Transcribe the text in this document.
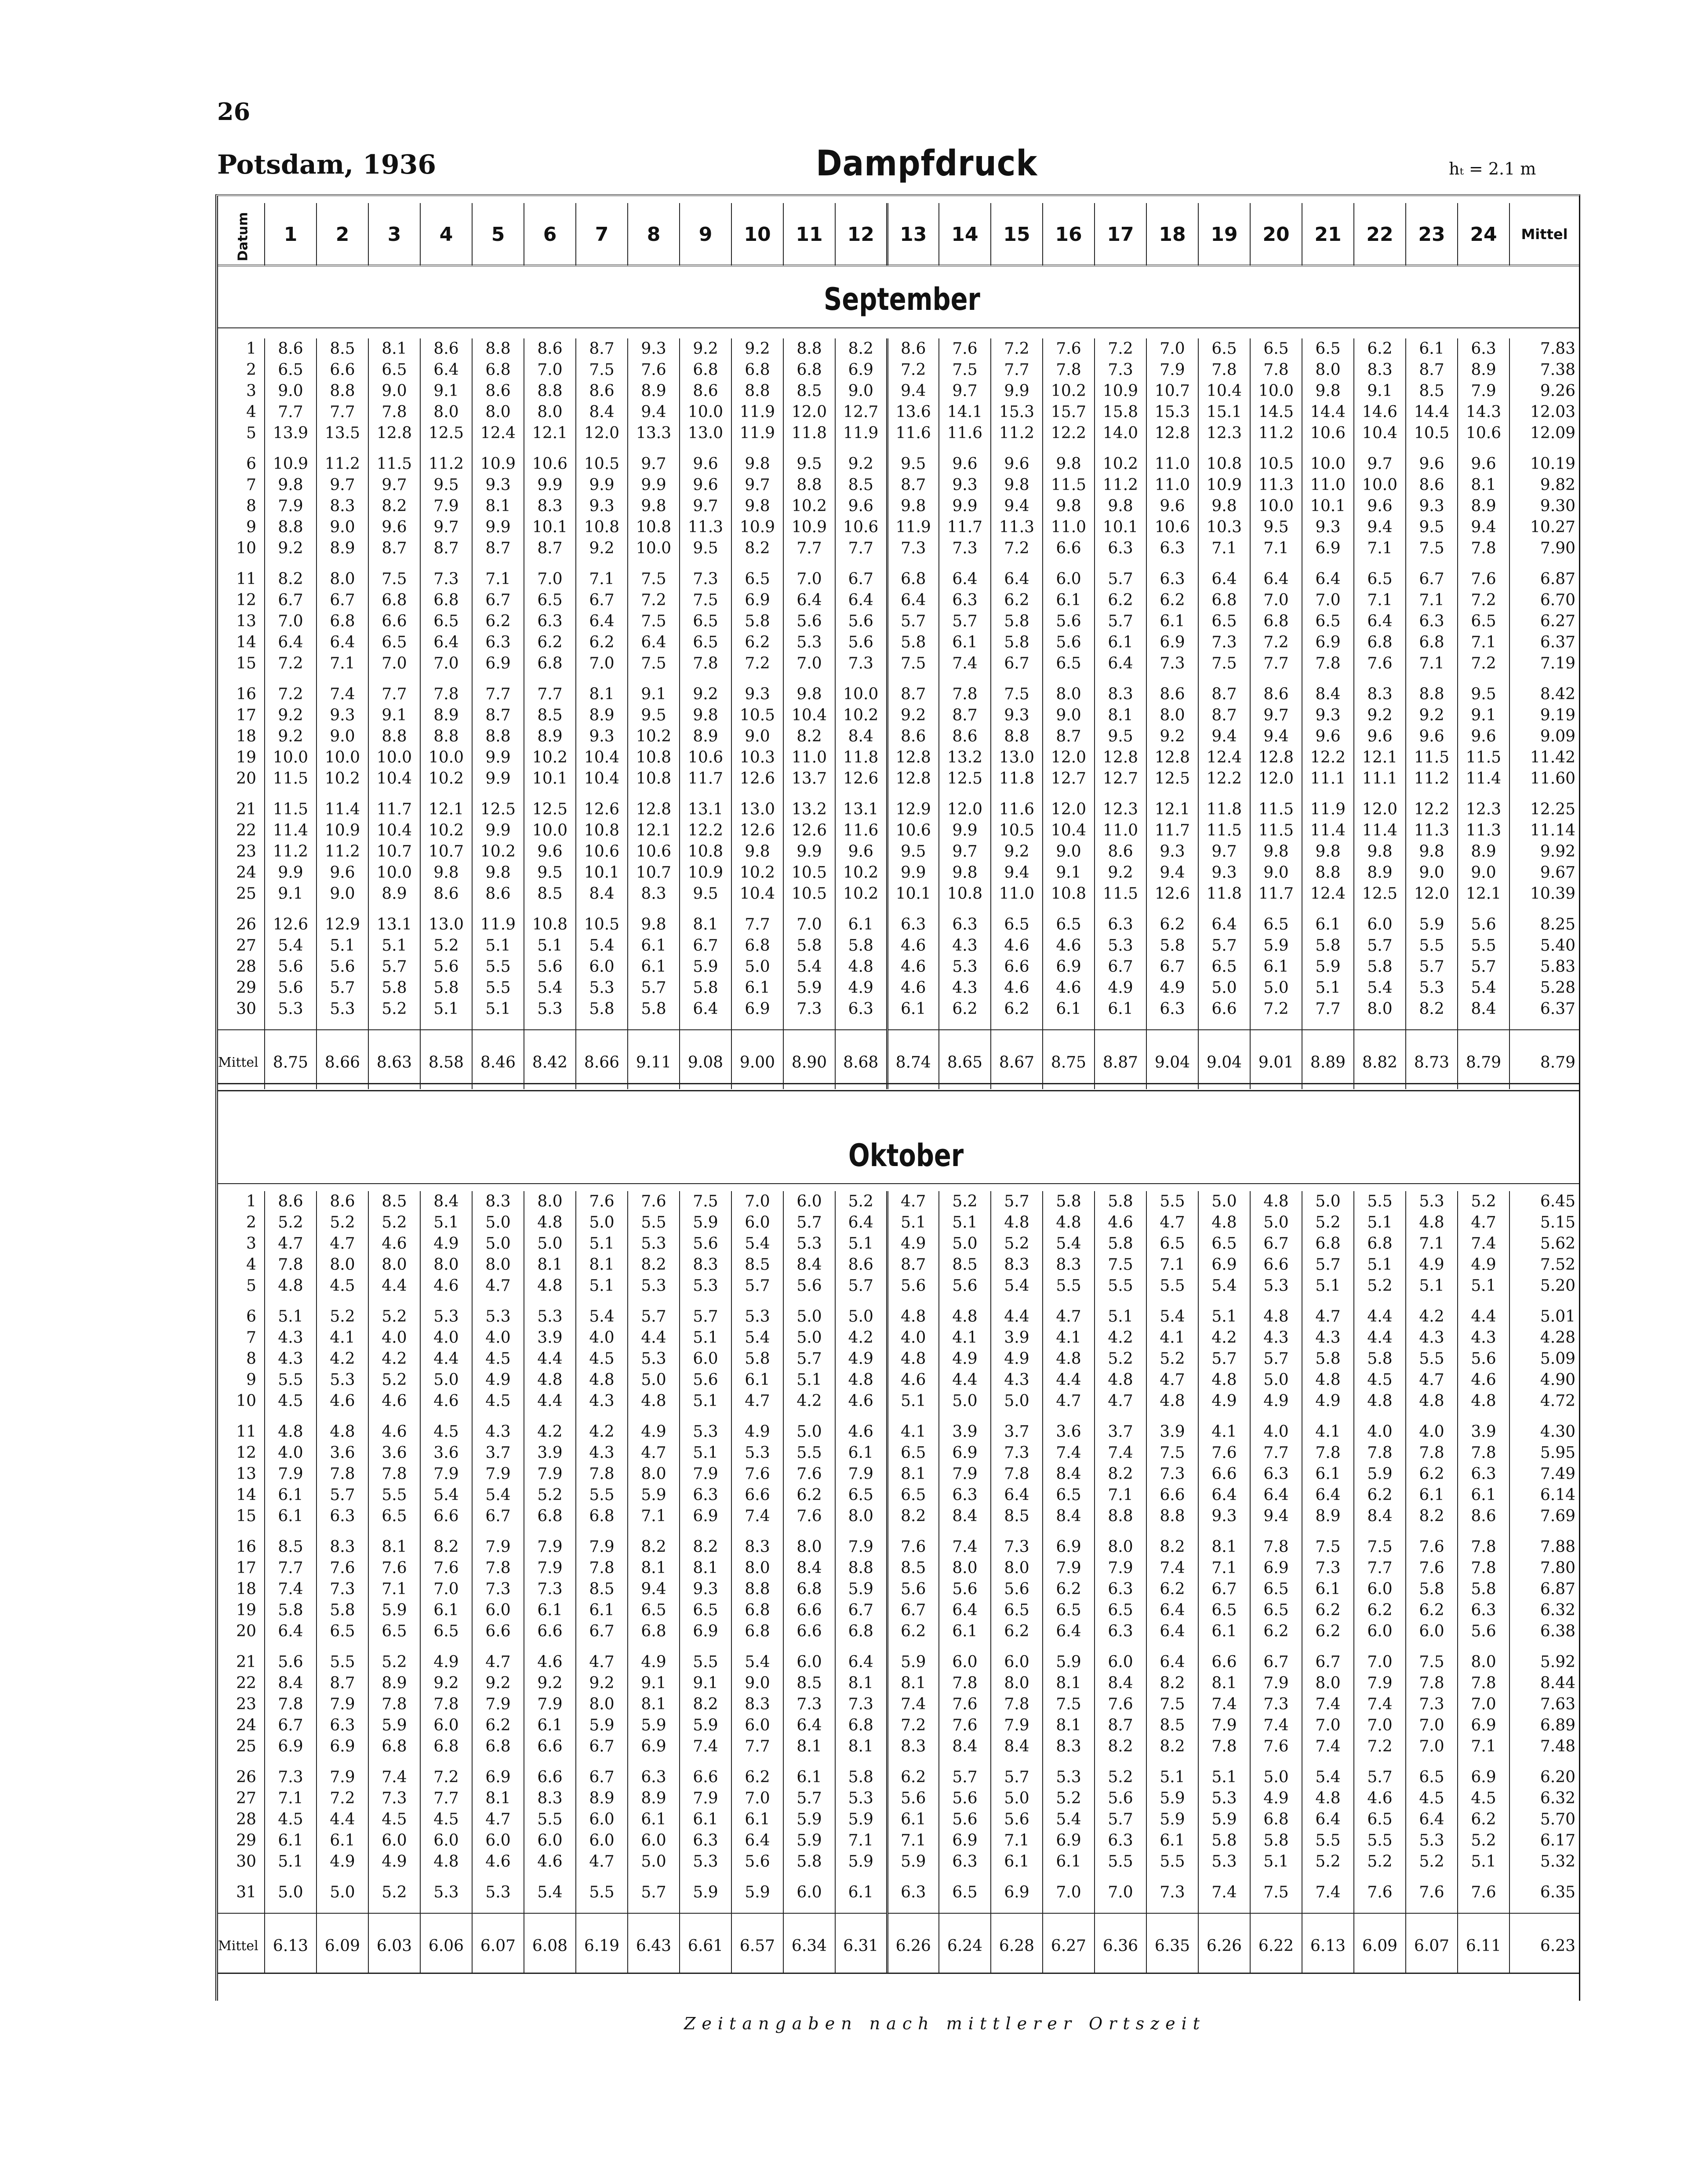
26
Potsdam, 1936	Dampfdruck	hₜ = 2.1 m
Datum	1	2	3	4	5	6	7	8	9	10	11	12	13	14	15	16	17	18	19	20	21	22	23	24	Mittel
September
1	8.6	8.5	8.1	8.6	8.8	8.6	8.7	9.3	9.2	9.2	8.8	8.2	8.6	7.6	7.2	7.6	7.2	7.0	6.5	6.5	6.5	6.2	6.1	6.3	7.83
2	6.5	6.6	6.5	6.4	6.8	7.0	7.5	7.6	6.8	6.8	6.8	6.9	7.2	7.5	7.7	7.8	7.3	7.9	7.8	7.8	8.0	8.3	8.7	8.9	7.38
3	9.0	8.8	9.0	9.1	8.6	8.8	8.6	8.9	8.6	8.8	8.5	9.0	9.4	9.7	9.9	10.2	10.9	10.7	10.4	10.0	9.8	9.1	8.5	7.9	9.26
4	7.7	7.7	7.8	8.0	8.0	8.0	8.4	9.4	10.0	11.9	12.0	12.7	13.6	14.1	15.3	15.7	15.8	15.3	15.1	14.5	14.4	14.6	14.4	14.3	12.03
5	13.9	13.5	12.8	12.5	12.4	12.1	12.0	13.3	13.0	11.9	11.8	11.9	11.6	11.6	11.2	12.2	14.0	12.8	12.3	11.2	10.6	10.4	10.5	10.6	12.09

6	10.9	11.2	11.5	11.2	10.9	10.6	10.5	9.7	9.6	9.8	9.5	9.2	9.5	9.6	9.6	9.8	10.2	11.0	10.8	10.5	10.0	9.7	9.6	9.6	10.19
7	9.8	9.7	9.7	9.5	9.3	9.9	9.9	9.9	9.6	9.7	8.8	8.5	8.7	9.3	9.8	11.5	11.2	11.0	10.9	11.3	11.0	10.0	8.6	8.1	9.82
8	7.9	8.3	8.2	7.9	8.1	8.3	9.3	9.8	9.7	9.8	10.2	9.6	9.8	9.9	9.4	9.8	9.8	9.6	9.8	10.0	10.1	9.6	9.3	8.9	9.30
9	8.8	9.0	9.6	9.7	9.9	10.1	10.8	10.8	11.3	10.9	10.9	10.6	11.9	11.7	11.3	11.0	10.1	10.6	10.3	9.5	9.3	9.4	9.5	9.4	10.27
10	9.2	8.9	8.7	8.7	8.7	8.7	9.2	10.0	9.5	8.2	7.7	7.7	7.3	7.3	7.2	6.6	6.3	6.3	7.1	7.1	6.9	7.1	7.5	7.8	7.90

11	8.2	8.0	7.5	7.3	7.1	7.0	7.1	7.5	7.3	6.5	7.0	6.7	6.8	6.4	6.4	6.0	5.7	6.3	6.4	6.4	6.4	6.5	6.7	7.6	6.87
12	6.7	6.7	6.8	6.8	6.7	6.5	6.7	7.2	7.5	6.9	6.4	6.4	6.4	6.3	6.2	6.1	6.2	6.2	6.8	7.0	7.0	7.1	7.1	7.2	6.70
13	7.0	6.8	6.6	6.5	6.2	6.3	6.4	7.5	6.5	5.8	5.6	5.6	5.7	5.7	5.8	5.6	5.7	6.1	6.5	6.8	6.5	6.4	6.3	6.5	6.27
14	6.4	6.4	6.5	6.4	6.3	6.2	6.2	6.4	6.5	6.2	5.3	5.6	5.8	6.1	5.8	5.6	6.1	6.9	7.3	7.2	6.9	6.8	6.8	7.1	6.37
15	7.2	7.1	7.0	7.0	6.9	6.8	7.0	7.5	7.8	7.2	7.0	7.3	7.5	7.4	6.7	6.5	6.4	7.3	7.5	7.7	7.8	7.6	7.1	7.2	7.19

16	7.2	7.4	7.7	7.8	7.7	7.7	8.1	9.1	9.2	9.3	9.8	10.0	8.7	7.8	7.5	8.0	8.3	8.6	8.7	8.6	8.4	8.3	8.8	9.5	8.42
17	9.2	9.3	9.1	8.9	8.7	8.5	8.9	9.5	9.8	10.5	10.4	10.2	9.2	8.7	9.3	9.0	8.1	8.0	8.7	9.7	9.3	9.2	9.2	9.1	9.19
18	9.2	9.0	8.8	8.8	8.8	8.9	9.3	10.2	8.9	9.0	8.2	8.4	8.6	8.6	8.8	8.7	9.5	9.2	9.4	9.4	9.6	9.6	9.6	9.6	9.09
19	10.0	10.0	10.0	10.0	9.9	10.2	10.4	10.8	10.6	10.3	11.0	11.8	12.8	13.2	13.0	12.0	12.8	12.8	12.4	12.8	12.2	12.1	11.5	11.5	11.42
20	11.5	10.2	10.4	10.2	9.9	10.1	10.4	10.8	11.7	12.6	13.7	12.6	12.8	12.5	11.8	12.7	12.7	12.5	12.2	12.0	11.1	11.1	11.2	11.4	11.60

21	11.5	11.4	11.7	12.1	12.5	12.5	12.6	12.8	13.1	13.0	13.2	13.1	12.9	12.0	11.6	12.0	12.3	12.1	11.8	11.5	11.9	12.0	12.2	12.3	12.25
22	11.4	10.9	10.4	10.2	9.9	10.0	10.8	12.1	12.2	12.6	12.6	11.6	10.6	9.9	10.5	10.4	11.0	11.7	11.5	11.5	11.4	11.4	11.3	11.3	11.14
23	11.2	11.2	10.7	10.7	10.2	9.6	10.6	10.6	10.8	9.8	9.9	9.6	9.5	9.7	9.2	9.0	8.6	9.3	9.7	9.8	9.8	9.8	9.8	8.9	9.92
24	9.9	9.6	10.0	9.8	9.8	9.5	10.1	10.7	10.9	10.2	10.5	10.2	9.9	9.8	9.4	9.1	9.2	9.4	9.3	9.0	8.8	8.9	9.0	9.0	9.67
25	9.1	9.0	8.9	8.6	8.6	8.5	8.4	8.3	9.5	10.4	10.5	10.2	10.1	10.8	11.0	10.8	11.5	12.6	11.8	11.7	12.4	12.5	12.0	12.1	10.39

26	12.6	12.9	13.1	13.0	11.9	10.8	10.5	9.8	8.1	7.7	7.0	6.1	6.3	6.3	6.5	6.5	6.3	6.2	6.4	6.5	6.1	6.0	5.9	5.6	8.25
27	5.4	5.1	5.1	5.2	5.1	5.1	5.4	6.1	6.7	6.8	5.8	5.8	4.6	4.3	4.6	4.6	5.3	5.8	5.7	5.9	5.8	5.7	5.5	5.5	5.40
28	5.6	5.6	5.7	5.6	5.5	5.6	6.0	6.1	5.9	5.0	5.4	4.8	4.6	5.3	6.6	6.9	6.7	6.7	6.5	6.1	5.9	5.8	5.7	5.7	5.83
29	5.6	5.7	5.8	5.8	5.5	5.4	5.3	5.7	5.8	6.1	5.9	4.9	4.6	4.3	4.6	4.6	4.9	4.9	5.0	5.0	5.1	5.4	5.3	5.4	5.28
30	5.3	5.3	5.2	5.1	5.1	5.3	5.8	5.8	6.4	6.9	7.3	6.3	6.1	6.2	6.2	6.1	6.1	6.3	6.6	7.2	7.7	8.0	8.2	8.4	6.37

Mittel	8.75	8.66	8.63	8.58	8.46	8.42	8.66	9.11	9.08	9.00	8.90	8.68	8.74	8.65	8.67	8.75	8.87	9.04	9.04	9.01	8.89	8.82	8.73	8.79	8.79
Oktober
1	8.6	8.6	8.5	8.4	8.3	8.0	7.6	7.6	7.5	7.0	6.0	5.2	4.7	5.2	5.7	5.8	5.8	5.5	5.0	4.8	5.0	5.5	5.3	5.2	6.45
2	5.2	5.2	5.2	5.1	5.0	4.8	5.0	5.5	5.9	6.0	5.7	6.4	5.1	5.1	4.8	4.8	4.6	4.7	4.8	5.0	5.2	5.1	4.8	4.7	5.15
3	4.7	4.7	4.6	4.9	5.0	5.0	5.1	5.3	5.6	5.4	5.3	5.1	4.9	5.0	5.2	5.4	5.8	6.5	6.5	6.7	6.8	6.8	7.1	7.4	5.62
4	7.8	8.0	8.0	8.0	8.0	8.1	8.1	8.2	8.3	8.5	8.4	8.6	8.7	8.5	8.3	8.3	7.5	7.1	6.9	6.6	5.7	5.1	4.9	4.9	7.52
5	4.8	4.5	4.4	4.6	4.7	4.8	5.1	5.3	5.3	5.7	5.6	5.7	5.6	5.6	5.4	5.5	5.5	5.5	5.4	5.3	5.1	5.2	5.1	5.1	5.20

6	5.1	5.2	5.2	5.3	5.3	5.3	5.4	5.7	5.7	5.3	5.0	5.0	4.8	4.8	4.4	4.7	5.1	5.4	5.1	4.8	4.7	4.4	4.2	4.4	5.01
7	4.3	4.1	4.0	4.0	4.0	3.9	4.0	4.4	5.1	5.4	5.0	4.2	4.0	4.1	3.9	4.1	4.2	4.1	4.2	4.3	4.3	4.4	4.3	4.3	4.28
8	4.3	4.2	4.2	4.4	4.5	4.4	4.5	5.3	6.0	5.8	5.7	4.9	4.8	4.9	4.9	4.8	5.2	5.2	5.7	5.7	5.8	5.8	5.5	5.6	5.09
9	5.5	5.3	5.2	5.0	4.9	4.8	4.8	5.0	5.6	6.1	5.1	4.8	4.6	4.4	4.3	4.4	4.8	4.7	4.8	5.0	4.8	4.5	4.7	4.6	4.90
10	4.5	4.6	4.6	4.6	4.5	4.4	4.3	4.8	5.1	4.7	4.2	4.6	5.1	5.0	5.0	4.7	4.7	4.8	4.9	4.9	4.9	4.8	4.8	4.8	4.72

11	4.8	4.8	4.6	4.5	4.3	4.2	4.2	4.9	5.3	4.9	5.0	4.6	4.1	3.9	3.7	3.6	3.7	3.9	4.1	4.0	4.1	4.0	4.0	3.9	4.30
12	4.0	3.6	3.6	3.6	3.7	3.9	4.3	4.7	5.1	5.3	5.5	6.1	6.5	6.9	7.3	7.4	7.4	7.5	7.6	7.7	7.8	7.8	7.8	7.8	5.95
13	7.9	7.8	7.8	7.9	7.9	7.9	7.8	8.0	7.9	7.6	7.6	7.9	8.1	7.9	7.8	8.4	8.2	7.3	6.6	6.3	6.1	5.9	6.2	6.3	7.49
14	6.1	5.7	5.5	5.4	5.4	5.2	5.5	5.9	6.3	6.6	6.2	6.5	6.5	6.3	6.4	6.5	7.1	6.6	6.4	6.4	6.4	6.2	6.1	6.1	6.14
15	6.1	6.3	6.5	6.6	6.7	6.8	6.8	7.1	6.9	7.4	7.6	8.0	8.2	8.4	8.5	8.4	8.8	8.8	9.3	9.4	8.9	8.4	8.2	8.6	7.69

16	8.5	8.3	8.1	8.2	7.9	7.9	7.9	8.2	8.2	8.3	8.0	7.9	7.6	7.4	7.3	6.9	8.0	8.2	8.1	7.8	7.5	7.5	7.6	7.8	7.88
17	7.7	7.6	7.6	7.6	7.8	7.9	7.8	8.1	8.1	8.0	8.4	8.8	8.5	8.0	8.0	7.9	7.9	7.4	7.1	6.9	7.3	7.7	7.6	7.8	7.80
18	7.4	7.3	7.1	7.0	7.3	7.3	8.5	9.4	9.3	8.8	6.8	5.9	5.6	5.6	5.6	6.2	6.3	6.2	6.7	6.5	6.1	6.0	5.8	5.8	6.87
19	5.8	5.8	5.9	6.1	6.0	6.1	6.1	6.5	6.5	6.8	6.6	6.7	6.7	6.4	6.5	6.5	6.5	6.4	6.5	6.5	6.2	6.2	6.2	6.3	6.32
20	6.4	6.5	6.5	6.5	6.6	6.6	6.7	6.8	6.9	6.8	6.6	6.8	6.2	6.1	6.2	6.4	6.3	6.4	6.1	6.2	6.2	6.0	6.0	5.6	6.38

21	5.6	5.5	5.2	4.9	4.7	4.6	4.7	4.9	5.5	5.4	6.0	6.4	5.9	6.0	6.0	5.9	6.0	6.4	6.6	6.7	6.7	7.0	7.5	8.0	5.92
22	8.4	8.7	8.9	9.2	9.2	9.2	9.2	9.1	9.1	9.0	8.5	8.1	8.1	7.8	8.0	8.1	8.4	8.2	8.1	7.9	8.0	7.9	7.8	7.8	8.44
23	7.8	7.9	7.8	7.8	7.9	7.9	8.0	8.1	8.2	8.3	7.3	7.3	7.4	7.6	7.8	7.5	7.6	7.5	7.4	7.3	7.4	7.4	7.3	7.0	7.63
24	6.7	6.3	5.9	6.0	6.2	6.1	5.9	5.9	5.9	6.0	6.4	6.8	7.2	7.6	7.9	8.1	8.7	8.5	7.9	7.4	7.0	7.0	7.0	6.9	6.89
25	6.9	6.9	6.8	6.8	6.8	6.6	6.7	6.9	7.4	7.7	8.1	8.1	8.3	8.4	8.4	8.3	8.2	8.2	7.8	7.6	7.4	7.2	7.0	7.1	7.48

26	7.3	7.9	7.4	7.2	6.9	6.6	6.7	6.3	6.6	6.2	6.1	5.8	6.2	5.7	5.7	5.3	5.2	5.1	5.1	5.0	5.4	5.7	6.5	6.9	6.20
27	7.1	7.2	7.3	7.7	8.1	8.3	8.9	8.9	7.9	7.0	5.7	5.3	5.6	5.6	5.0	5.2	5.6	5.9	5.3	4.9	4.8	4.6	4.5	4.5	6.32
28	4.5	4.4	4.5	4.5	4.7	5.5	6.0	6.1	6.1	6.1	5.9	5.9	6.1	5.6	5.6	5.4	5.7	5.9	5.9	6.8	6.4	6.5	6.4	6.2	5.70
29	6.1	6.1	6.0	6.0	6.0	6.0	6.0	6.0	6.3	6.4	5.9	7.1	7.1	6.9	7.1	6.9	6.3	6.1	5.8	5.8	5.5	5.5	5.3	5.2	6.17
30	5.1	4.9	4.9	4.8	4.6	4.6	4.7	5.0	5.3	5.6	5.8	5.9	5.9	6.3	6.1	6.1	5.5	5.5	5.3	5.1	5.2	5.2	5.2	5.1	5.32

31	5.0	5.0	5.2	5.3	5.3	5.4	5.5	5.7	5.9	5.9	6.0	6.1	6.3	6.5	6.9	7.0	7.0	7.3	7.4	7.5	7.4	7.6	7.6	7.6	6.35

Mittel	6.13	6.09	6.03	6.06	6.07	6.08	6.19	6.43	6.61	6.57	6.34	6.31	6.26	6.24	6.28	6.27	6.36	6.35	6.26	6.22	6.13	6.09	6.07	6.11	6.23
Zeitangaben nach mittlerer Ortszeit
